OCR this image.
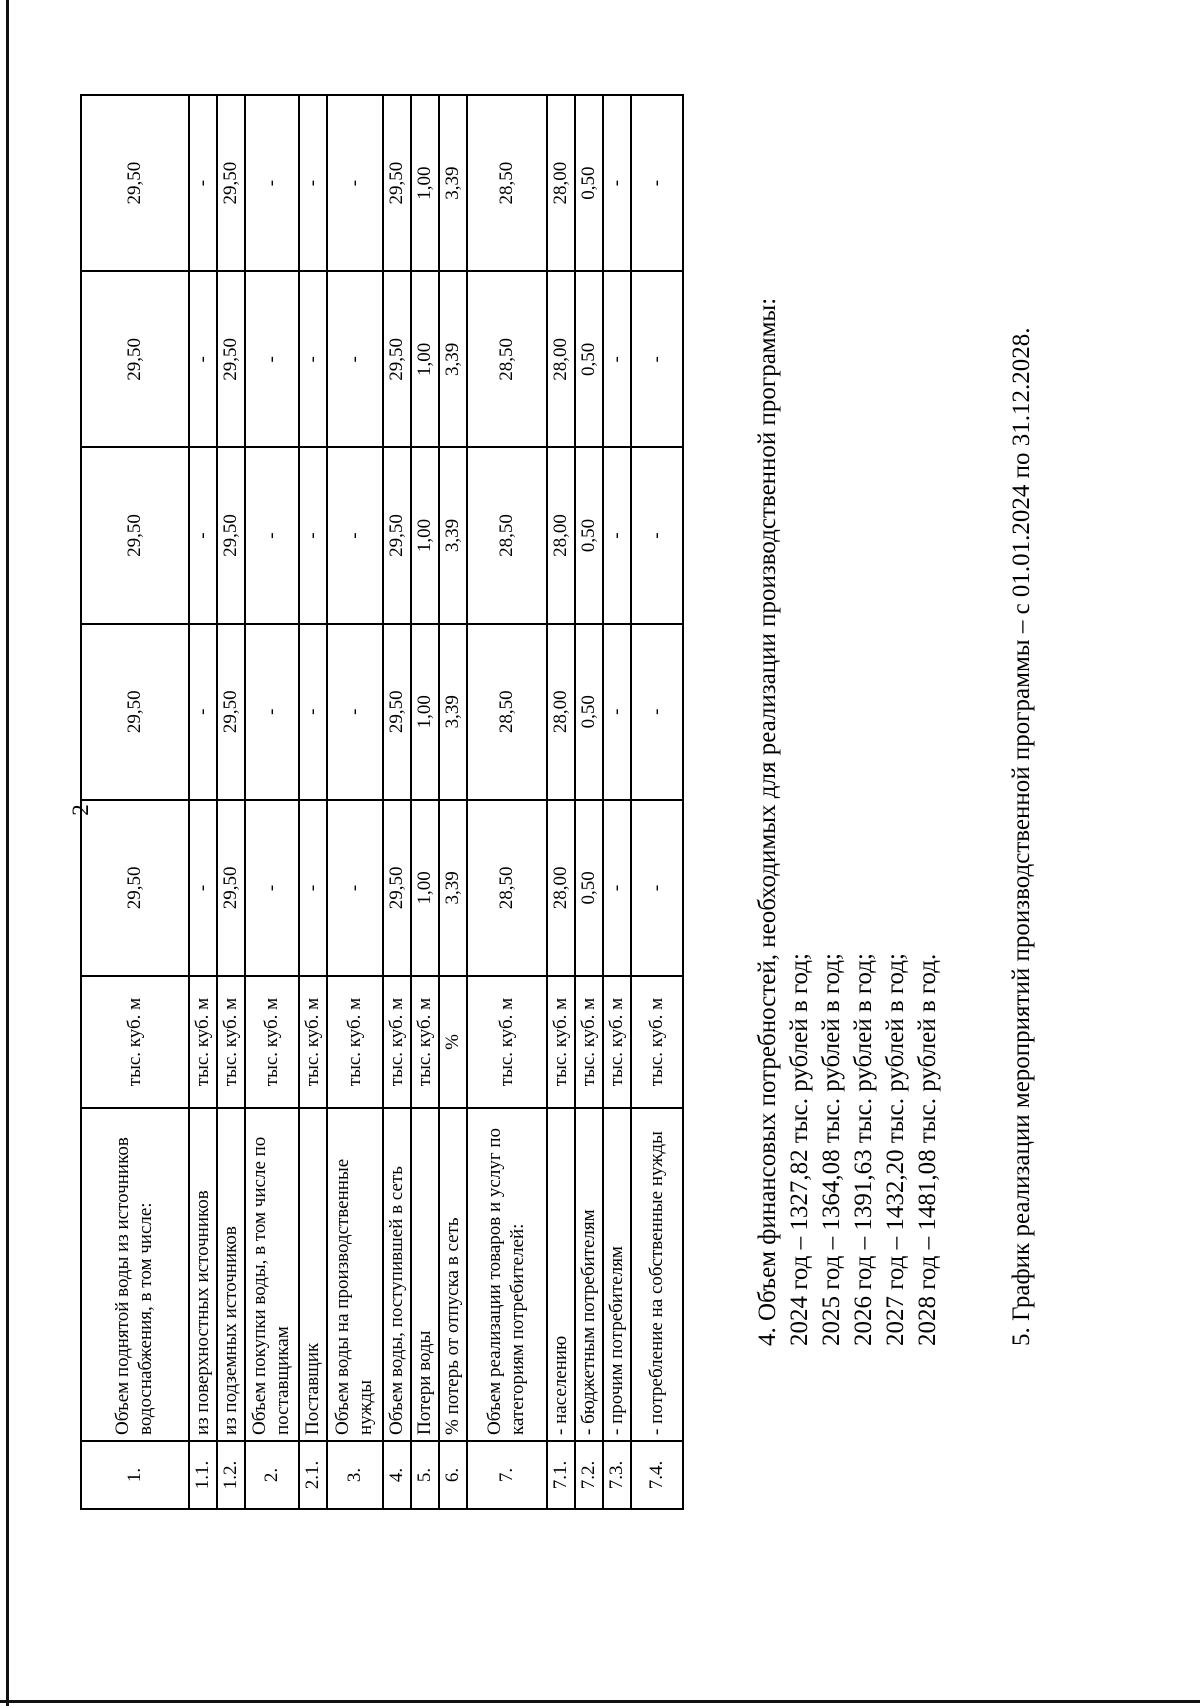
2
1.	Объем поднятой воды из источников водоснабжения, в том числе:	тыс. куб. м	29,50	29,50	29,50	29,50	29,50
1.1.	из поверхностных источников	тыс. куб. м	-	-	-	-	-
1.2.	из подземных источников	тыс. куб. м	29,50	29,50	29,50	29,50	29,50
2.	Объем покупки воды, в том числе по поставщикам	тыс. куб. м	-	-	-	-	-
2.1.	Поставщик	тыс. куб. м	-	-	-	-	-
3.	Объем воды на производственные нужды	тыс. куб. м	-	-	-	-	-
4.	Объем воды, поступившей в сеть	тыс. куб. м	29,50	29,50	29,50	29,50	29,50
5.	Потери воды	тыс. куб. м	1,00	1,00	1,00	1,00	1,00
6.	% потерь от отпуска в сеть	%	3,39	3,39	3,39	3,39	3,39
7.	Объем реализации товаров и услуг по категориям потребителей:	тыс. куб. м	28,50	28,50	28,50	28,50	28,50
7.1.	- населению	тыс. куб. м	28,00	28,00	28,00	28,00	28,00
7.2.	- бюджетным потребителям	тыс. куб. м	0,50	0,50	0,50	0,50	0,50
7.3.	- прочим потребителям	тыс. куб. м	-	-	-	-	-
7.4.	- потребление на собственные нужды	тыс. куб. м	-	-	-	-	-
4. Объем финансовых потребностей, необходимых для реализации производственной программы: 2024 год – 1327,82 тыс. рублей в год; 2025 год – 1364,08 тыс. рублей в год; 2026 год – 1391,63 тыс. рублей в год; 2027 год – 1432,20 тыс. рублей в год; 2028 год – 1481,08 тыс. рублей в год.	5. График реализации мероприятий производственной программы – с 01.01.2024 по 31.12.2028.
